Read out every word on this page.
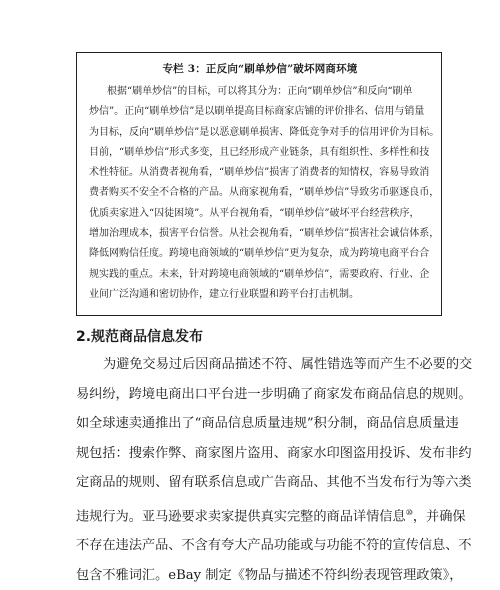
专栏 3：正反向“刷单炒信”破坏网商环境
根据“刷单炒信”的目标，可以将其分为：正向“刷单炒信”和反向“刷单
炒信”。正向“刷单炒信”是以刷单提高目标商家店铺的评价排名、信用与销量
为目标，反向“刷单炒信”是以恶意刷单损害、降低竞争对手的信用评价为目标。
目前，“刷单炒信”形式多变，且已经形成产业链条，具有组织性、多样性和技
术性特征。从消费者视角看，“刷单炒信”损害了消费者的知情权，容易导致消
费者购买不安全不合格的产品。从商家视角看，“刷单炒信”导致劣币驱逐良币，
优质卖家进入“囚徒困境”。从平台视角看，“刷单炒信”破坏平台经营秩序，
增加治理成本，损害平台信誉。从社会视角看，“刷单炒信”损害社会诚信体系，
降低网购信任度。跨境电商领域的“刷单炒信”更为复杂，成为跨境电商平台合
规实践的重点。未来，针对跨境电商领域的“刷单炒信”，需要政府、行业、企
业间广泛沟通和密切协作，建立行业联盟和跨平台打击机制。
2.规范商品信息发布
为避免交易过后因商品描述不符、属性错选等而产生不必要的交
易纠纷，跨境电商出口平台进一步明确了商家发布商品信息的规则。
如全球速卖通推出了“商品信息质量违规”积分制，商品信息质量违
规包括：搜索作弊、商家图片盗用、商家水印图盗用投诉、发布非约
定商品的规则、留有联系信息或广告商品、其他不当发布行为等六类
违规行为。亚马逊要求卖家提供真实完整的商品详情信息⑩，并确保
不存在违法产品、不含有夸大产品功能或与功能不符的宣传信息、不
包含不雅词汇。eBay 制定《物品与描述不符纠纷表现管理政策》，
